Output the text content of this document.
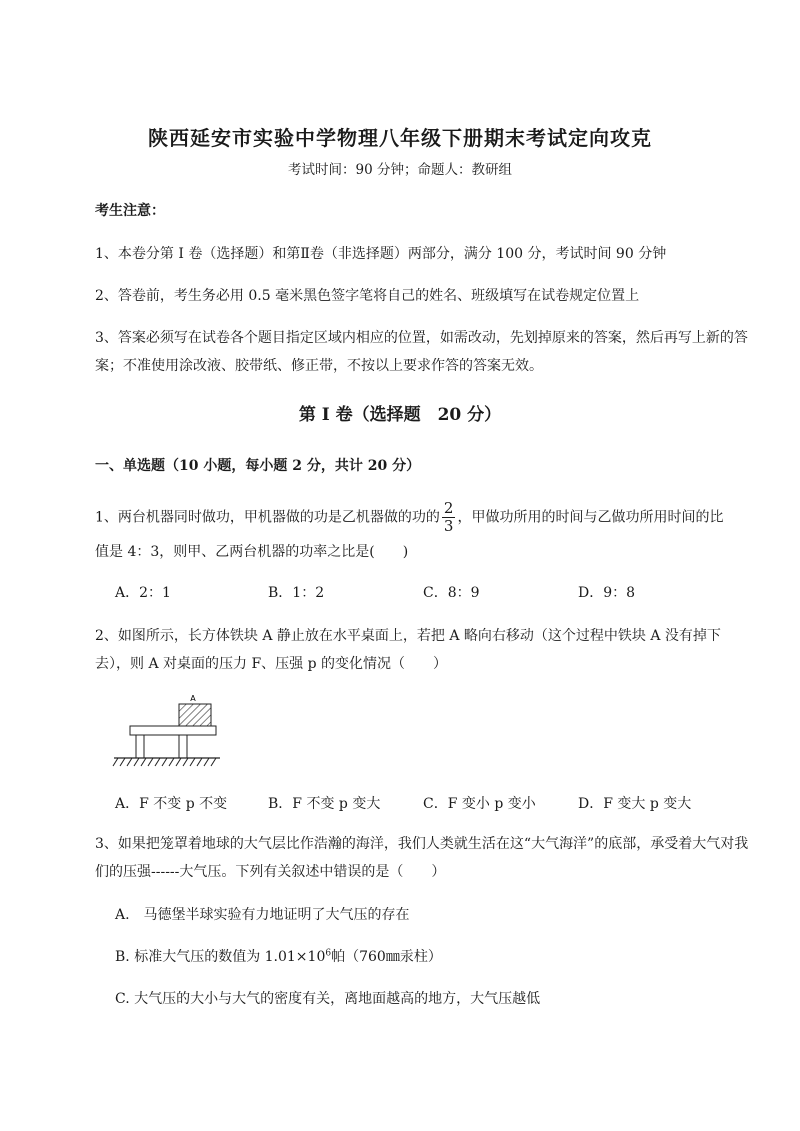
陕西延安市实验中学物理八年级下册期末考试定向攻克
考试时间：90 分钟；命题人：教研组
考生注意：
1、本卷分第 I 卷（选择题）和第Ⅱ卷（非选择题）两部分，满分 100 分，考试时间 90 分钟
2、答卷前，考生务必用 0.5 毫米黑色签字笔将自己的姓名、班级填写在试卷规定位置上
3、答案必须写在试卷各个题目指定区域内相应的位置，如需改动，先划掉原来的答案，然后再写上新的答案；不准使用涂改液、胶带纸、修正带，不按以上要求作答的答案无效。
第 I 卷（选择题　20 分）
一、单选题（10 小题，每小题 2 分，共计 20 分）
1、两台机器同时做功，甲机器做的功是乙机器做的功的 $\frac{2}{3}$ ，甲做功所用的时间与乙做功所用时间的比
值是 4：3，则甲、乙两台机器的功率之比是(　　)
A．2：1	B．1：2	C．8：9	D．9：8
2、如图所示，长方体铁块 A 静止放在水平桌面上，若把 A 略向右移动（这个过程中铁块 A 没有掉下去），则 A 对桌面的压力 F、压强 p 的变化情况（　　）
A
A．F 不变 p 不变	B．F 不变 p 变大	C．F 变小 p 变小	D．F 变大 p 变大
3、如果把笼罩着地球的大气层比作浩瀚的海洋，我们人类就生活在这“大气海洋”的底部，承受着大气对我们的压强------大气压。下列有关叙述中错误的是（　　）
A.　马德堡半球实验有力地证明了大气压的存在
B. 标准大气压的数值为 $1.01\times 10^6$帕（760㎜汞柱）
C. 大气压的大小与大气的密度有关，离地面越高的地方，大气压越低
